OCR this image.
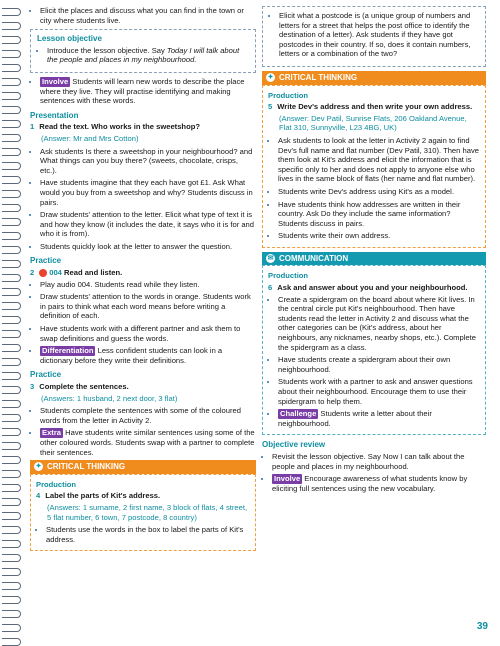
• Elicit the places and discuss what you can find in the town or city where students live.
Lesson objective
• Introduce the lesson objective. Say Today I will talk about the people and places in my neighbourhood.
• Involve Students will learn new words to describe the place where they live. They will practise identifying and making sentences with these words.
Presentation
1 Read the text. Who works in the sweetshop?
(Answer: Mr and Mrs Cotton)
• Ask students Is there a sweetshop in your neighbourhood? and What things can you buy there? (sweets, chocolate, crisps, etc.).
• Have students imagine that they each have got £1. Ask What would you buy from a sweetshop and why? Students discuss in pairs.
• Draw students' attention to the letter. Elicit what type of text it is and how they know (it includes the date, it says who it is for and who it is from).
• Students quickly look at the letter to answer the question.
Practice
2	004 Read and listen.
• Play audio 004. Students read while they listen.
• Draw students' attention to the words in orange. Students work in pairs to think what each word means before writing a definition of each.
• Have students work with a different partner and ask them to swap definitions and guess the words.
• Differentiation Less confident students can look in a dictionary before they write their definitions.
Practice
3 Complete the sentences.
(Answers: 1 husband, 2 next door, 3 flat)
• Students complete the sentences with some of the coloured words from the letter in Activity 2.
• Extra Have students write similar sentences using some of the other coloured words. Students swap with a partner to complete their sentences.
✦ CRITICAL THINKING
Production
4 Label the parts of Kit's address.
(Answers: 1 surname, 2 first name, 3 block of flats, 4 street, 5 flat number, 6 town, 7 postcode, 8 country)
• Students use the words in the box to label the parts of Kit's address.
• Elicit what a postcode is (a unique group of numbers and letters for a street that helps the post office to identify the destination of a letter). Ask students if they have got postcodes in their country. If so, does it contain numbers, letters or a combination of the two?
✦ CRITICAL THINKING
Production
5 Write Dev's address and then write your own address.
(Answer: Dev Patil, Sunrise Flats, 206 Oakland Avenue, Flat 310, Sunnyville, L23 4BG, UK)
• Ask students to look at the letter in Activity 2 again to find Dev's full name and flat number (Dev Patil, 310). Then have them look at Kit's address and elicit the information that is specific only to her and does not apply to anyone else who lives in the same block of flats (her name and flat number).
• Students write Dev's address using Kit's as a model.
• Have students think how addresses are written in their country. Ask Do they include the same information? Students discuss in pairs.
• Students write their own address.
✉ COMMUNICATION
Production
6 Ask and answer about you and your neighbourhood.
• Create a spidergram on the board about where Kit lives. In the central circle put Kit's neighbourhood. Then have students read the letter in Activity 2 and discuss what the other categories can be (Kit's address, about her neighbours, any nicknames, nearby shops, etc.). Complete the spidergram as a class.
• Have students create a spidergram about their own neighbourhood.
• Students work with a partner to ask and answer questions about their neighbourhood. Encourage them to use their spidergram to help them.
• Challenge Students write a letter about their neighbourhood.
Objective review
• Revisit the lesson objective. Say Now I can talk about the people and places in my neighbourhood.
• Involve Encourage awareness of what students know by eliciting full sentences using the new vocabulary.
39
